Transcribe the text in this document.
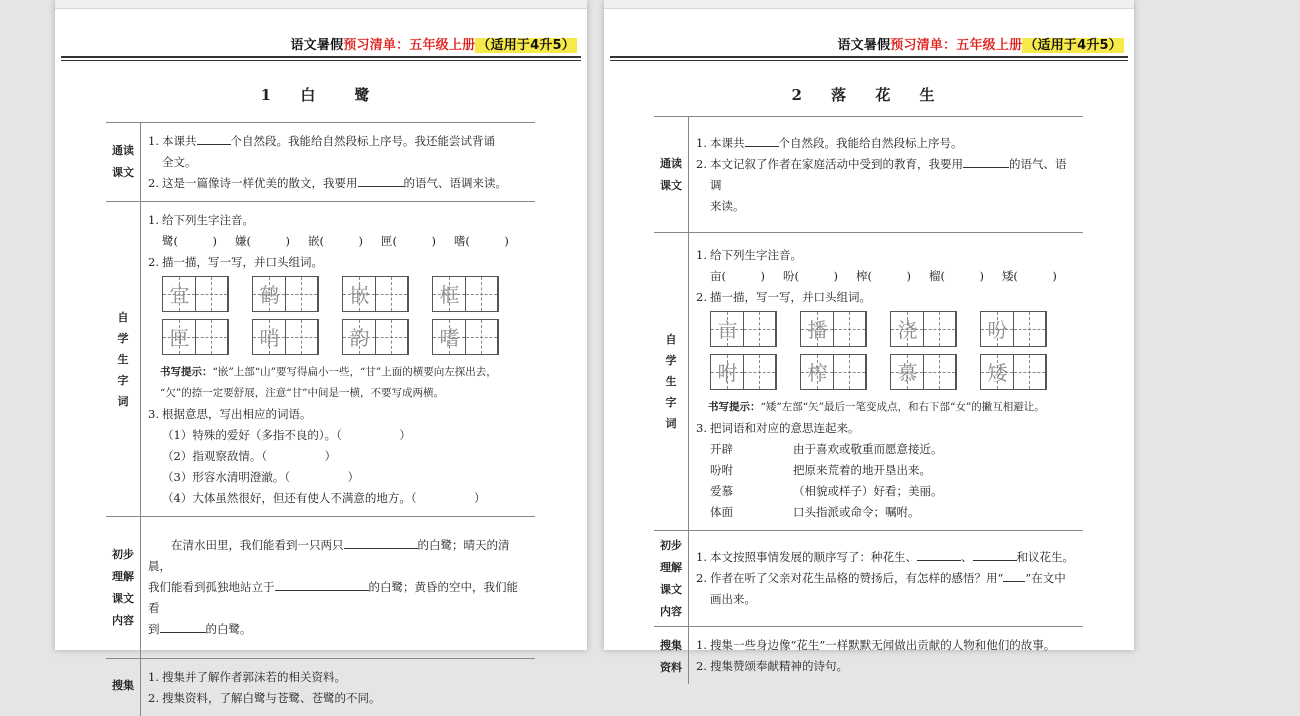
语文暑假预习清单：五年级上册 （适用于4升5）
1 白　鹭
通读
课文
1. 本课共	个自然段。我能给自然段标上序号。我还能尝试背诵
全文。
2. 这是一篇像诗一样优美的散文，我要用	的语气、语调来读。
自
学
生
字
词
1. 给下列生字注音。
鹭(　　　) 嫌(　　　) 嵌(　　　) 匣(　　　) 嗜(　　　)
2. 描一描，写一写，并口头组词。
宜	鹤	嵌	框
匣	哨	韵	嗜
书写提示：“嵌”上部“山”要写得扁小一些，“甘”上面的横要向左探出去，
“欠”的捺一定要舒展，注意“甘”中间是一横，不要写成两横。
3. 根据意思，写出相应的词语。
（1）特殊的爱好（多指不良的）。（　　　　　）
（2）指观察敌情。（　　　　　）
（3）形容水清明澄澈。（　　　　　）
（4）大体虽然很好，但还有使人不满意的地方。（　　　　　）
初步
理解
课文
内容
在清水田里，我们能看到一只两只	的白鹭；晴天的清晨，
我们能看到孤独地站立于	的白鹭；黄昏的空中，我们能看
到	的白鹭。
搜集
1. 搜集并了解作者郭沫若的相关资料。
2. 搜集资料，了解白鹭与苍鹭、苍鹭的不同。
语文暑假预习清单：五年级上册 （适用于4升5）
2 落 花 生
通读
课文
1. 本课共	个自然段。我能给自然段标上序号。
2. 本文记叙了作者在家庭活动中受到的教育，我要用	的语气、语调
来读。
自
学
生
字
词
1. 给下列生字注音。
亩(　　　) 吩(　　　) 榨(　　　) 榴(　　　) 矮(　　　)
2. 描一描，写一写，并口头组词。
亩	播	浇	吩
咐	榨	慕	矮
书写提示：“矮”左部“矢”最后一笔变成点，和右下部“女”的撇互相避让。
3. 把词语和对应的意思连起来。
开辟	由于喜欢或敬重而愿意接近。
吩咐	把原来荒着的地开垦出来。
爱慕	（相貌或样子）好看；美丽。
体面	口头指派或命令；嘱咐。
初步
理解
课文
内容
1. 本文按照事情发展的顺序写了：种花生、	、	和议花生。
2. 作者在听了父亲对花生品格的赞扬后，有怎样的感悟？用“ ”在文中
画出来。
搜集
资料
1. 搜集一些身边像“花生”一样默默无闻做出贡献的人物和他们的故事。
2. 搜集赞颂奉献精神的诗句。
